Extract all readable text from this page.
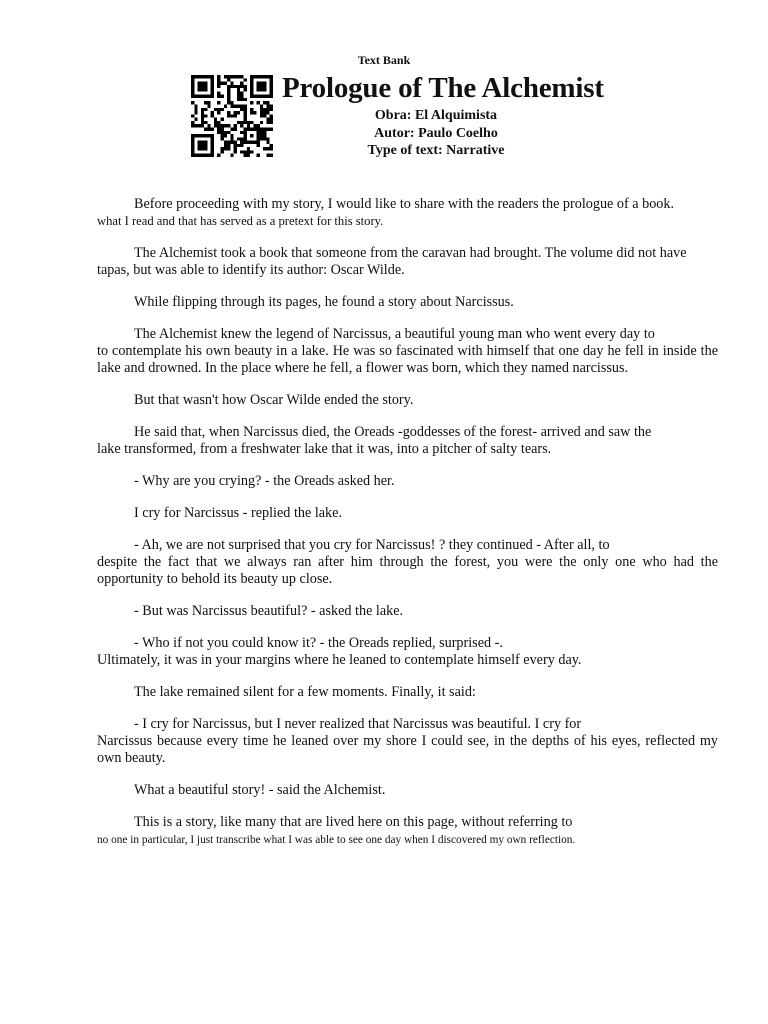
Text Bank
Prologue of The Alchemist
Obra: El Alquimista
Autor: Paulo Coelho
Type of text: Narrative

Before proceeding with my story, I would like to share with the readers the prologue of a book.
what I read and that has served as a pretext for this story.

The Alchemist took a book that someone from the caravan had brought. The volume did not have
tapas, but was able to identify its author: Oscar Wilde.

While flipping through its pages, he found a story about Narcissus.

The Alchemist knew the legend of Narcissus, a beautiful young man who went every day to
to contemplate his own beauty in a lake. He was so fascinated with himself that one day he fell in inside the lake and drowned. In the place where he fell, a flower was born, which they named narcissus.

But that wasn't how Oscar Wilde ended the story.

He said that, when Narcissus died, the Oreads -goddesses of the forest- arrived and saw the
lake transformed, from a freshwater lake that it was, into a pitcher of salty tears.

- Why are you crying? - the Oreads asked her.

I cry for Narcissus - replied the lake.

- Ah, we are not surprised that you cry for Narcissus! ? they continued - After all, to
despite the fact that we always ran after him through the forest, you were the only one who had the opportunity to behold its beauty up close.

- But was Narcissus beautiful? - asked the lake.

- Who if not you could know it? - the Oreads replied, surprised -.
Ultimately, it was in your margins where he leaned to contemplate himself every day.

The lake remained silent for a few moments. Finally, it said:

- I cry for Narcissus, but I never realized that Narcissus was beautiful. I cry for
Narcissus because every time he leaned over my shore I could see, in the depths of his eyes, reflected my own beauty.

What a beautiful story! - said the Alchemist.

This is a story, like many that are lived here on this page, without referring to
no one in particular, I just transcribe what I was able to see one day when I discovered my own reflection.
